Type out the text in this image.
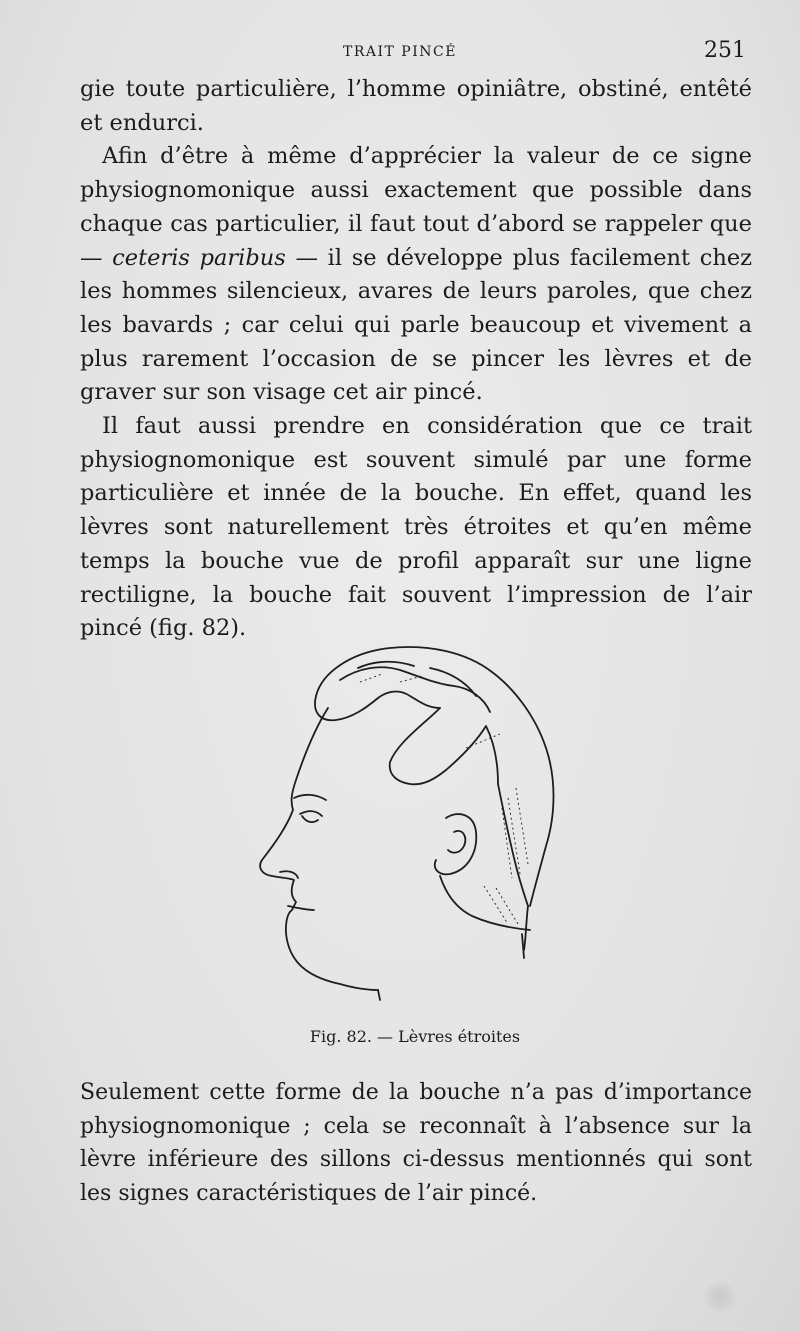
TRAIT PINCÉ	251

gie toute particulière, l’homme opiniâtre, obstiné, entêté et endurci.

Afin d’être à même d’apprécier la valeur de ce signe physiognomonique aussi exactement que possible dans chaque cas particulier, il faut tout d’abord se rappeler que — ceteris paribus — il se développe plus facilement chez les hommes silencieux, avares de leurs paroles, que chez les bavards ; car celui qui parle beaucoup et vivement a plus rarement l’occasion de se pincer les lèvres et de graver sur son visage cet air pincé.

Il faut aussi prendre en considération que ce trait physiognomonique est souvent simulé par une forme particulière et innée de la bouche. En effet, quand les lèvres sont naturellement très étroites et qu’en même temps la bouche vue de profil apparaît sur une ligne rectiligne, la bouche fait souvent l’impression de l’air pincé (fig. 82).

Fig. 82. — Lèvres étroites

Seulement cette forme de la bouche n’a pas d’importance physiognomonique ; cela se reconnaît à l’absence sur la lèvre inférieure des sillons ci-dessus mentionnés qui sont les signes caractéristiques de l’air pincé.
